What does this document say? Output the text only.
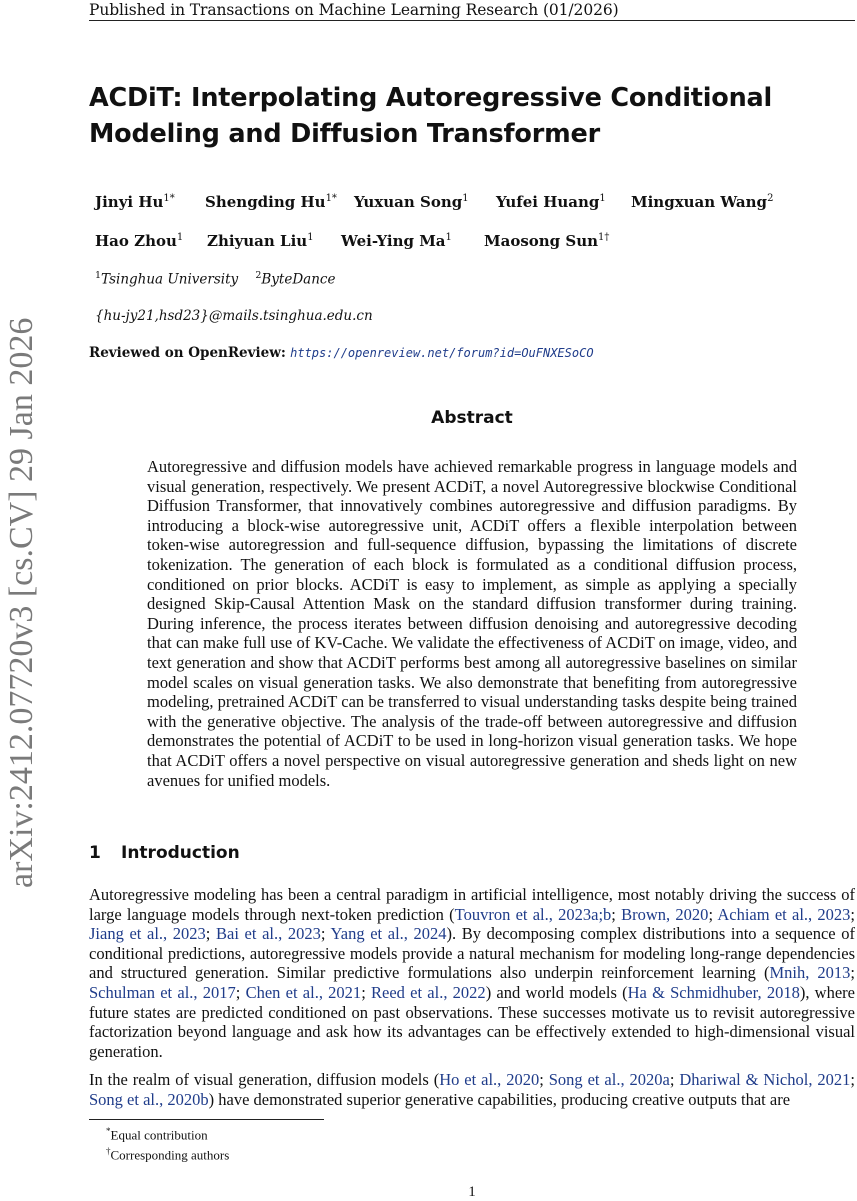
Published in Transactions on Machine Learning Research (01/2026)
arXiv:2412.07720v3 [cs.CV] 29 Jan 2026
ACDiT: Interpolating Autoregressive Conditional Modeling and Diffusion Transformer
Jinyi $Hu^{1*}$ Shengding $Hu^{1*}$ Yuxuan Song$^1$ Yufei Huang$^1$ Mingxuan Wang$^2$
Hao Zhou$^1$ Zhiyuan Liu$^1$ Wei-Ying Ma$^1$ Maosong Sun$^{1\dagger}$
$^1$Tsinghua University $^2$ByteDance
{hu-jy21,hsd23}@mails.tsinghua.edu.cn
Reviewed on OpenReview: https://openreview.net/forum?id=OuFNXESoCO
Abstract
Autoregressive and diffusion models have achieved remarkable progress in language models and visual generation, respectively. We present ACDiT, a novel Autoregressive blockwise Conditional Diffusion Transformer, that innovatively combines autoregressive and diffusion paradigms. By introducing a block-wise autoregressive unit, ACDiT offers a flexible interpolation between token-wise autoregression and full-sequence diffusion, bypassing the limitations of discrete tokenization. The generation of each block is formulated as a conditional diffusion process, conditioned on prior blocks. ACDiT is easy to implement, as simple as applying a specially designed Skip-Causal Attention Mask on the standard diffusion transformer during training. During inference, the process iterates between diffusion denoising and autoregressive decoding that can make full use of KV-Cache. We validate the effectiveness of ACDiT on image, video, and text generation and show that ACDiT performs best among all autoregressive baselines on similar model scales on visual generation tasks. We also demonstrate that benefiting from autoregressive modeling, pretrained ACDiT can be transferred to visual understanding tasks despite being trained with the generative objective. The analysis of the trade-off between autoregressive and diffusion demonstrates the potential of ACDiT to be used in long-horizon visual generation tasks. We hope that ACDiT offers a novel perspective on visual autoregressive generation and sheds light on new avenues for unified models.
1 Introduction
Autoregressive modeling has been a central paradigm in artificial intelligence, most notably driving the success of large language models through next-token prediction (Touvron et al., 2023a;b; Brown, 2020; Achiam et al., 2023; Jiang et al., 2023; Bai et al., 2023; Yang et al., 2024). By decomposing complex distributions into a sequence of conditional predictions, autoregressive models provide a natural mechanism for modeling long-range dependencies and structured generation. Similar predictive formulations also underpin reinforcement learning (Mnih, 2013; Schulman et al., 2017; Chen et al., 2021; Reed et al., 2022) and world models (Ha & Schmidhuber, 2018), where future states are predicted conditioned on past observations. These successes motivate us to revisit autoregressive factorization beyond language and ask how its advantages can be effectively extended to high-dimensional visual generation.
In the realm of visual generation, diffusion models (Ho et al., 2020; Song et al., 2020a; Dhariwal & Nichol, 2021; Song et al., 2020b) have demonstrated superior generative capabilities, producing creative outputs that are
*Equal contribution
†Corresponding authors
1
